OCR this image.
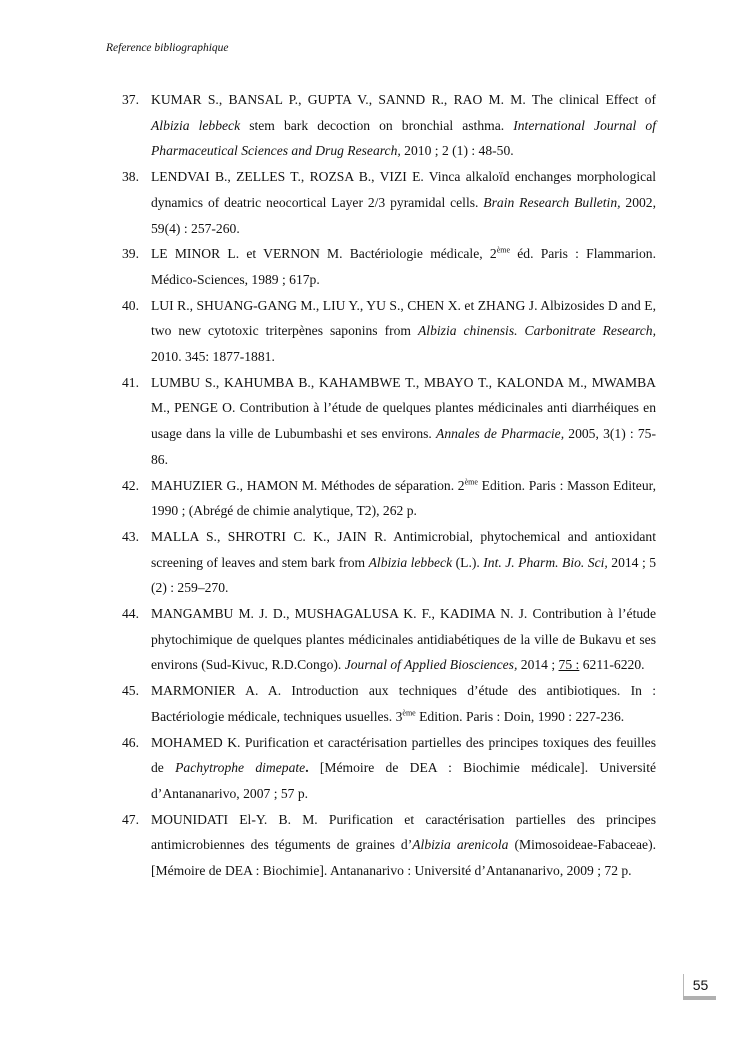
Reference bibliographique
37. KUMAR S., BANSAL P., GUPTA V., SANND R., RAO M. M. The clinical Effect of Albizia lebbeck stem bark decoction on bronchial asthma. International Journal of Pharmaceutical Sciences and Drug Research, 2010 ; 2 (1) : 48-50.
38. LENDVAI B., ZELLES T., ROZSA B., VIZI E. Vinca alkaloïd enchanges morphological dynamics of deatric neocortical Layer 2/3 pyramidal cells. Brain Research Bulletin, 2002, 59(4) : 257-260.
39. LE MINOR L. et VERNON M. Bactériologie médicale, 2ème éd. Paris : Flammarion. Médico-Sciences, 1989 ; 617p.
40. LUI R., SHUANG-GANG M., LIU Y., YU S., CHEN X. et ZHANG J. Albizosides D and E, two new cytotoxic triterpènes saponins from Albizia chinensis. Carbonitrate Research, 2010. 345: 1877-1881.
41. LUMBU S., KAHUMBA B., KAHAMBWE T., MBAYO T., KALONDA M., MWAMBA M., PENGE O. Contribution à l’étude de quelques plantes médicinales anti diarrhéiques en usage dans la ville de Lubumbashi et ses environs. Annales de Pharmacie, 2005, 3(1) : 75-86.
42. MAHUZIER G., HAMON M. Méthodes de séparation. 2ème Edition. Paris : Masson Editeur, 1990 ; (Abrégé de chimie analytique, T2), 262 p.
43. MALLA S., SHROTRI C. K., JAIN R. Antimicrobial, phytochemical and antioxidant screening of leaves and stem bark from Albizia lebbeck (L.). Int. J. Pharm. Bio. Sci, 2014 ; 5 (2) : 259–270.
44. MANGAMBU M. J. D., MUSHAGALUSA K. F., KADIMA N. J. Contribution à l’étude phytochimique de quelques plantes médicinales antidiabétiques de la ville de Bukavu et ses environs (Sud-Kivuc, R.D.Congo). Journal of Applied Biosciences, 2014 ; 75 : 6211-6220.
45. MARMONIER A. A. Introduction aux techniques d’étude des antibiotiques. In : Bactériologie médicale, techniques usuelles. 3ème Edition. Paris : Doin, 1990 : 227-236.
46. MOHAMED K. Purification et caractérisation partielles des principes toxiques des feuilles de Pachytrophe dimepate. [Mémoire de DEA : Biochimie médicale]. Université d’Antananarivo, 2007 ; 57 p.
47. MOUNIDATI El-Y. B. M. Purification et caractérisation partielles des principes antimicrobiennes des téguments de graines d’Albizia arenicola (Mimosoideae-Fabaceae). [Mémoire de DEA : Biochimie]. Antananarivo : Université d’Antananarivo, 2009 ; 72 p.
55
